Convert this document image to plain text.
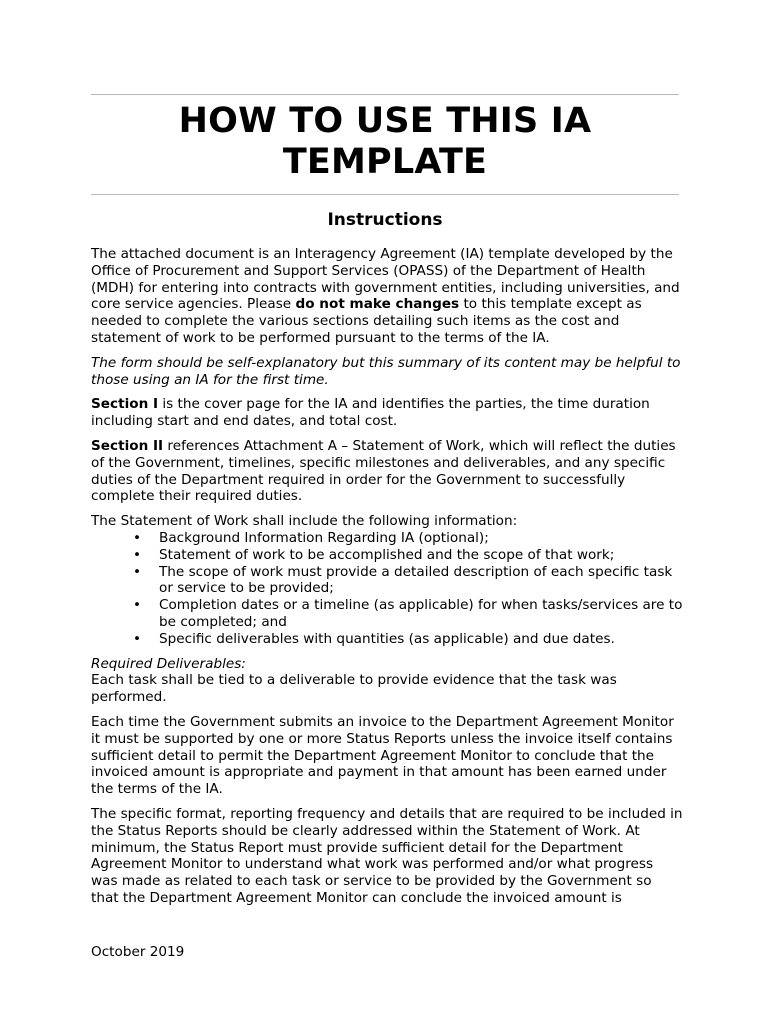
HOW TO USE THIS IA
TEMPLATE
Instructions

The attached document is an Interagency Agreement (IA) template developed by the Office of Procurement and Support Services (OPASS) of the Department of Health (MDH) for entering into contracts with government entities, including universities, and core service agencies. Please do not make changes to this template except as needed to complete the various sections detailing such items as the cost and statement of work to be performed pursuant to the terms of the IA.

The form should be self-explanatory but this summary of its content may be helpful to those using an IA for the first time.

Section I is the cover page for the IA and identifies the parties, the time duration including start and end dates, and total cost.

Section II references Attachment A – Statement of Work, which will reflect the duties of the Government, timelines, specific milestones and deliverables, and any specific duties of the Department required in order for the Government to successfully complete their required duties.

The Statement of Work shall include the following information:

• Background Information Regarding IA (optional);
• Statement of work to be accomplished and the scope of that work;
• The scope of work must provide a detailed description of each specific task or service to be provided;
• Completion dates or a timeline (as applicable) for when tasks/services are to be completed; and
• Specific deliverables with quantities (as applicable) and due dates.

Required Deliverables:
Each task shall be tied to a deliverable to provide evidence that the task was performed.

Each time the Government submits an invoice to the Department Agreement Monitor it must be supported by one or more Status Reports unless the invoice itself contains sufficient detail to permit the Department Agreement Monitor to conclude that the invoiced amount is appropriate and payment in that amount has been earned under the terms of the IA.

The specific format, reporting frequency and details that are required to be included in the Status Reports should be clearly addressed within the Statement of Work. At minimum, the Status Report must provide sufficient detail for the Department Agreement Monitor to understand what work was performed and/or what progress was made as related to each task or service to be provided by the Government so that the Department Agreement Monitor can conclude the invoiced amount is

October 2019
